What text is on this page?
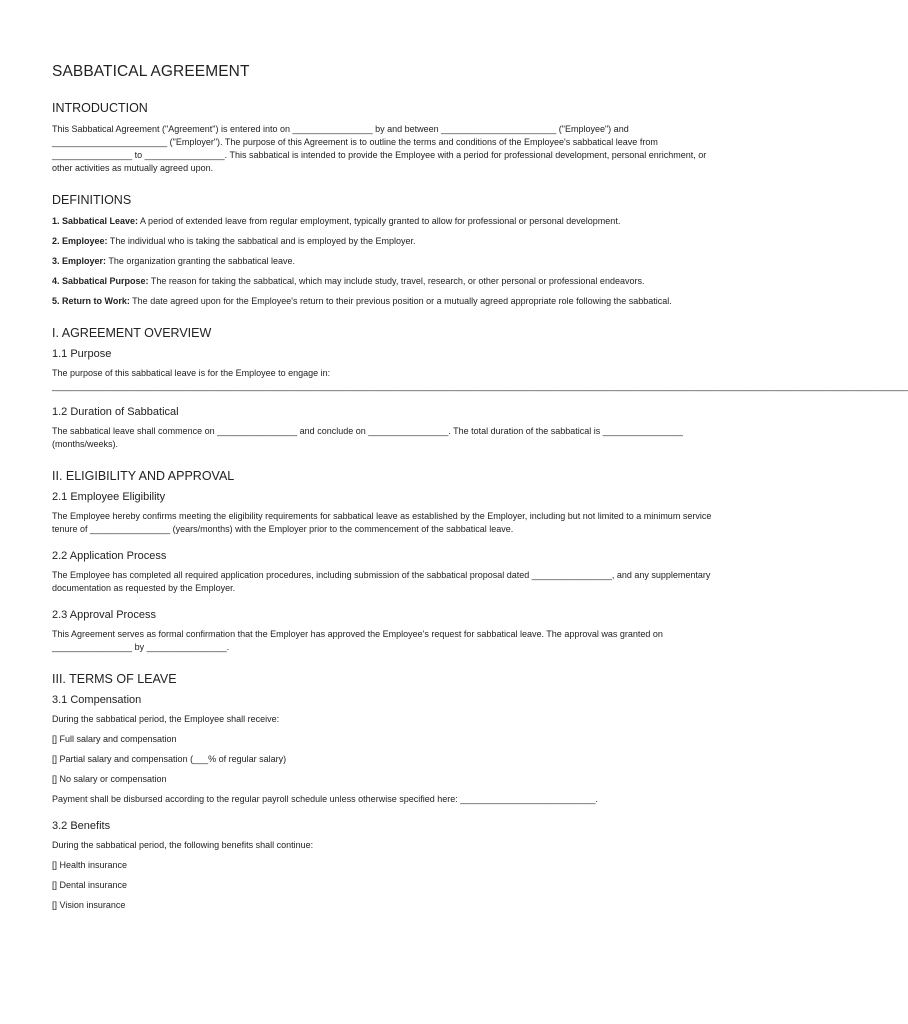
SABBATICAL AGREEMENT
INTRODUCTION

This Sabbatical Agreement ("Agreement") is entered into on ________________ by and between _______________________ ("Employee") and _______________________ ("Employer"). The purpose of this Agreement is to outline the terms and conditions of the Employee's sabbatical leave from ________________ to ________________. This sabbatical is intended to provide the Employee with a period for professional development, personal enrichment, or other activities as mutually agreed upon.

DEFINITIONS

1. Sabbatical Leave: A period of extended leave from regular employment, typically granted to allow for professional or personal development.

2. Employee: The individual who is taking the sabbatical and is employed by the Employer.

3. Employer: The organization granting the sabbatical leave.

4. Sabbatical Purpose: The reason for taking the sabbatical, which may include study, travel, research, or other personal or professional endeavors.

5. Return to Work: The date agreed upon for the Employee's return to their previous position or a mutually agreed appropriate role following the sabbatical.

I. AGREEMENT OVERVIEW
1.1 Purpose

The purpose of this sabbatical leave is for the Employee to engage in:

______________________________________________________________________________________________________________________________________________________________________________________
1.2 Duration of Sabbatical

The sabbatical leave shall commence on ________________ and conclude on ________________. The total duration of the sabbatical is ________________ (months/weeks).

II. ELIGIBILITY AND APPROVAL
2.1 Employee Eligibility

The Employee hereby confirms meeting the eligibility requirements for sabbatical leave as established by the Employer, including but not limited to a minimum service tenure of ________________ (years/months) with the Employer prior to the commencement of the sabbatical leave.

2.2 Application Process

The Employee has completed all required application procedures, including submission of the sabbatical proposal dated ________________, and any supplementary documentation as requested by the Employer.

2.3 Approval Process

This Agreement serves as formal confirmation that the Employer has approved the Employee's request for sabbatical leave. The approval was granted on ________________ by ________________.

III. TERMS OF LEAVE
3.1 Compensation

During the sabbatical period, the Employee shall receive:

[] Full salary and compensation

[] Partial salary and compensation (___% of regular salary)

[] No salary or compensation

Payment shall be disbursed according to the regular payroll schedule unless otherwise specified here: ___________________________.

3.2 Benefits

During the sabbatical period, the following benefits shall continue:

[] Health insurance

[] Dental insurance

[] Vision insurance
